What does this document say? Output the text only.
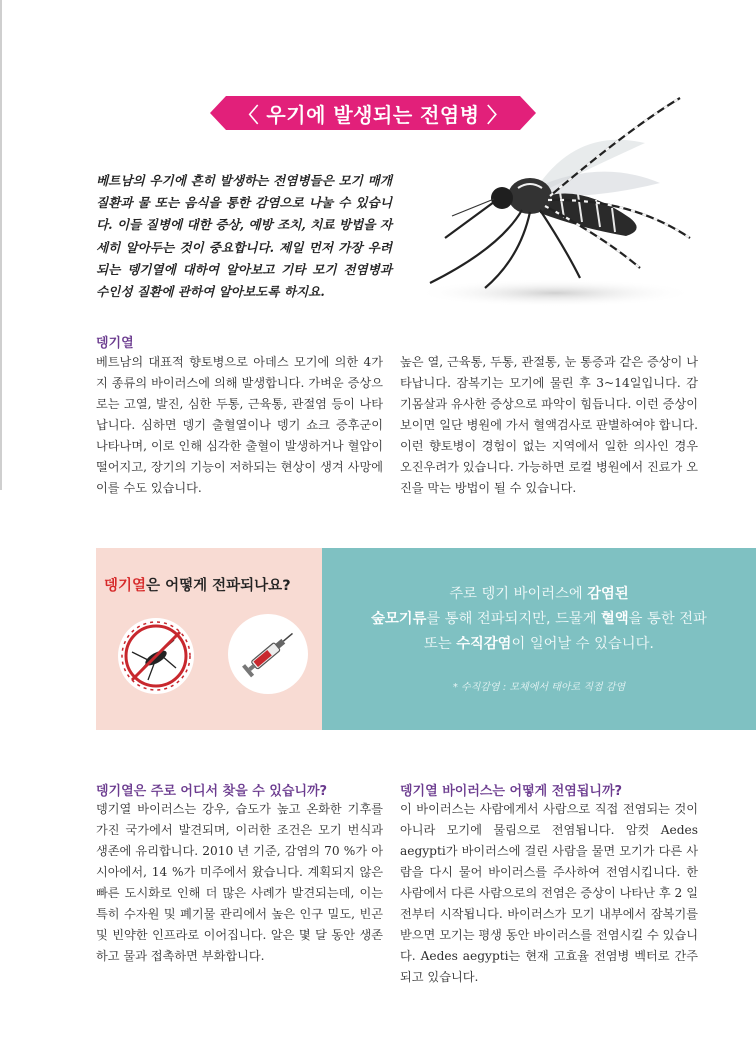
〈 우기에 발생되는 전염병 〉

베트남의 우기에 흔히 발생하는 전염병들은 모기 매개 질환과 물 또는 음식을 통한 감염으로 나눌 수 있습니다. 이들 질병에 대한 증상, 예방 조치, 치료 방법을 자세히 알아두는 것이 중요합니다. 제일 먼저 가장 우려되는 뎅기열에 대하여 알아보고 기타 모기 전염병과 수인성 질환에 관하여 알아보도록 하지요.

뎅기열

베트남의 대표적 향토병으로 아데스 모기에 의한 4가지 종류의 바이러스에 의해 발생합니다. 가벼운 증상으로는 고열, 발진, 심한 두통, 근육통, 관절염 등이 나타납니다. 심하면 뎅기 출혈열이나 뎅기 쇼크 증후군이 나타나며, 이로 인해 심각한 출혈이 발생하거나 혈압이 떨어지고, 장기의 기능이 저하되는 현상이 생겨 사망에 이를 수도 있습니다.

높은 열, 근육통, 두통, 관절통, 눈 통증과 같은 증상이 나타납니다. 잠복기는 모기에 물린 후 3~14일입니다. 감기몸살과 유사한 증상으로 파악이 힘듭니다. 이런 증상이 보이면 일단 병원에 가서 혈액검사로 판별하여야 합니다. 이런 향토병이 경험이 없는 지역에서 일한 의사인 경우 오진우려가 있습니다. 가능하면 로컬 병원에서 진료가 오진을 막는 방법이 될 수 있습니다.

뎅기열은 어떻게 전파되나요?	주로 뎅기 바이러스에 감염된
숲모기류를 통해 전파되지만, 드물게 혈액을 통한 전파
또는 수직감염이 일어날 수 있습니다.

* 수직감염 : 모체에서 태아로 직접 감염

뎅기열은 주로 어디서 찾을 수 있습니까?

뎅기열 바이러스는 강우, 습도가 높고 온화한 기후를 가진 국가에서 발견되며, 이러한 조건은 모기 번식과 생존에 유리합니다. 2010 년 기준, 감염의 70 %가 아시아에서, 14 %가 미주에서 왔습니다. 계획되지 않은 빠른 도시화로 인해 더 많은 사례가 발견되는데, 이는 특히 수자원 및 폐기물 관리에서 높은 인구 밀도, 빈곤 및 빈약한 인프라로 이어집니다. 알은 몇 달 동안 생존하고 물과 접촉하면 부화합니다.

뎅기열 바이러스는 어떻게 전염됩니까?

이 바이러스는 사람에게서 사람으로 직접 전염되는 것이 아니라 모기에 물림으로 전염됩니다. 암컷 Aedes aegypti가 바이러스에 걸린 사람을 물면 모기가 다른 사람을 다시 물어 바이러스를 주사하여 전염시킵니다. 한 사람에서 다른 사람으로의 전염은 증상이 나타난 후 2 일 전부터 시작됩니다. 바이러스가 모기 내부에서 잠복기를 받으면 모기는 평생 동안 바이러스를 전염시킬 수 있습니다. Aedes aegypti는 현재 고효율 전염병 벡터로 간주되고 있습니다.
